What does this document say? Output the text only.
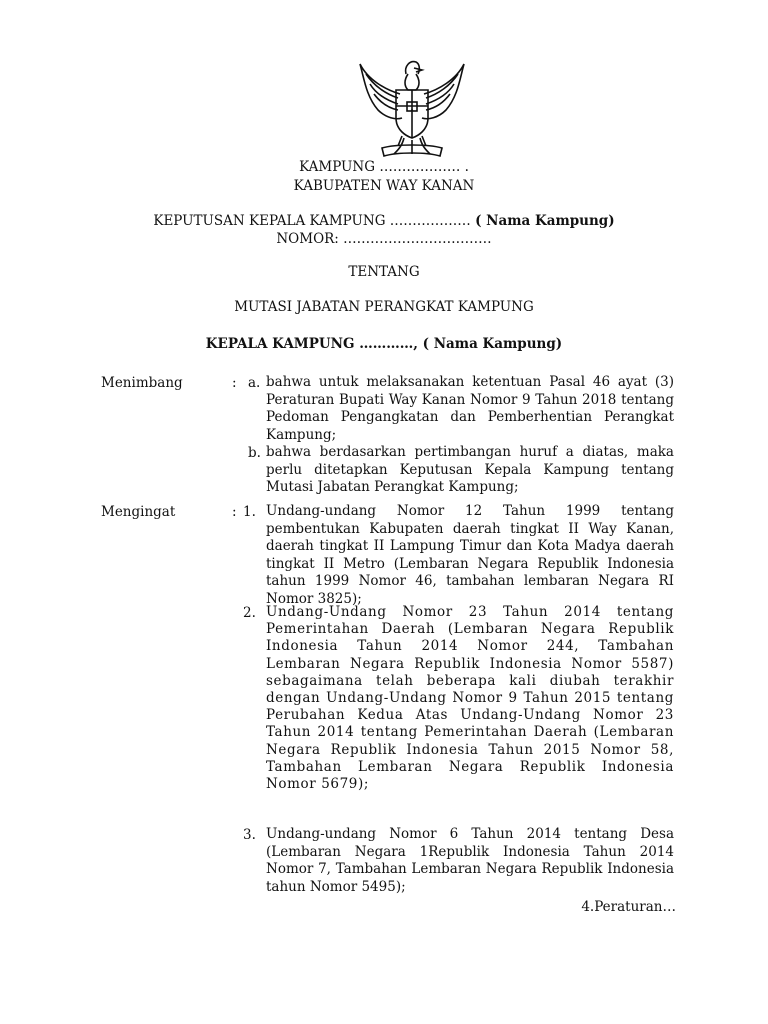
KAMPUNG ……………… .
KABUPATEN WAY KANAN
KEPUTUSAN KEPALA KAMPUNG ……………… ( Nama Kampung)
NOMOR: ……………………………
TENTANG
MUTASI JABATAN PERANGKAT KAMPUNG
KEPALA KAMPUNG …………, ( Nama Kampung)
Menimbang	: a. bahwa untuk melaksanakan ketentuan Pasal 46 ayat (3) Peraturan Bupati Way Kanan Nomor 9 Tahun 2018 tentang Pedoman Pengangkatan dan Pemberhentian Perangkat Kampung;
b. bahwa berdasarkan pertimbangan huruf a diatas, maka perlu ditetapkan Keputusan Kepala Kampung tentang Mutasi Jabatan Perangkat Kampung;
Mengingat	: 1. Undang-undang Nomor 12 Tahun 1999 tentang pembentukan Kabupaten daerah tingkat II Way Kanan, daerah tingkat II Lampung Timur dan Kota Madya daerah tingkat II Metro (Lembaran Negara Republik Indonesia tahun 1999 Nomor 46, tambahan lembaran Negara RI Nomor 3825);
2. Undang-Undang Nomor 23 Tahun 2014 tentang Pemerintahan Daerah (Lembaran Negara Republik Indonesia Tahun 2014 Nomor 244, Tambahan Lembaran Negara Republik Indonesia Nomor 5587) sebagaimana telah beberapa kali diubah terakhir dengan Undang-Undang Nomor 9 Tahun 2015 tentang Perubahan Kedua Atas Undang-Undang Nomor 23 Tahun 2014 tentang Pemerintahan Daerah (Lembaran Negara Republik Indonesia Tahun 2015 Nomor 58, Tambahan Lembaran Negara Republik Indonesia Nomor 5679);
3. Undang-undang Nomor 6 Tahun 2014 tentang Desa (Lembaran Negara 1Republik Indonesia Tahun 2014 Nomor 7, Tambahan Lembaran Negara Republik Indonesia tahun Nomor 5495);
4.Peraturan…
